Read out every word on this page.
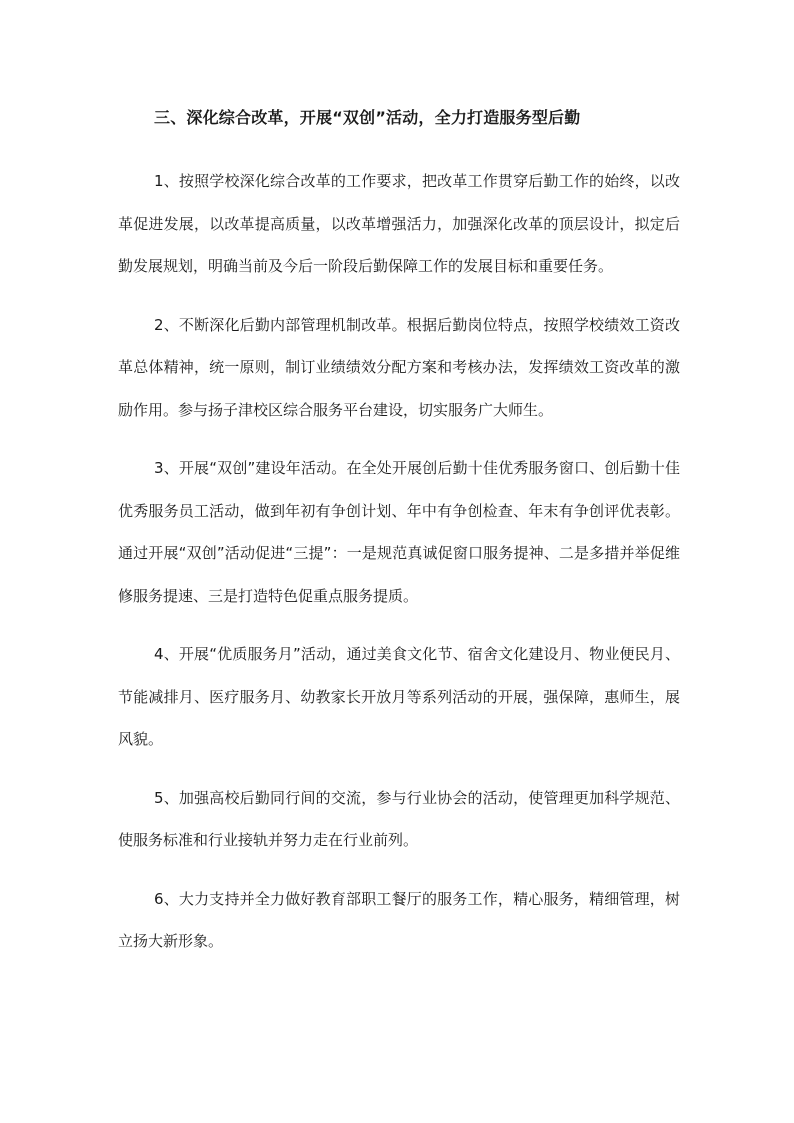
三、深化综合改革，开展“双创”活动，全力打造服务型后勤

1、按照学校深化综合改革的工作要求，把改革工作贯穿后勤工作的始终，以改革促进发展，以改革提高质量，以改革增强活力，加强深化改革的顶层设计，拟定后勤发展规划，明确当前及今后一阶段后勤保障工作的发展目标和重要任务。

2、不断深化后勤内部管理机制改革。根据后勤岗位特点，按照学校绩效工资改革总体精神，统一原则，制订业绩绩效分配方案和考核办法，发挥绩效工资改革的激励作用。参与扬子津校区综合服务平台建设，切实服务广大师生。

3、开展“双创”建设年活动。在全处开展创后勤十佳优秀服务窗口、创后勤十佳优秀服务员工活动，做到年初有争创计划、年中有争创检查、年末有争创评优表彰。通过开展“双创”活动促进“三提”：一是规范真诚促窗口服务提神、二是多措并举促维修服务提速、三是打造特色促重点服务提质。

4、开展“优质服务月”活动，通过美食文化节、宿舍文化建设月、物业便民月、节能减排月、医疗服务月、幼教家长开放月等系列活动的开展，强保障，惠师生，展风貌。

5、加强高校后勤同行间的交流，参与行业协会的活动，使管理更加科学规范、使服务标准和行业接轨并努力走在行业前列。

6、大力支持并全力做好教育部职工餐厅的服务工作，精心服务，精细管理，树立扬大新形象。
